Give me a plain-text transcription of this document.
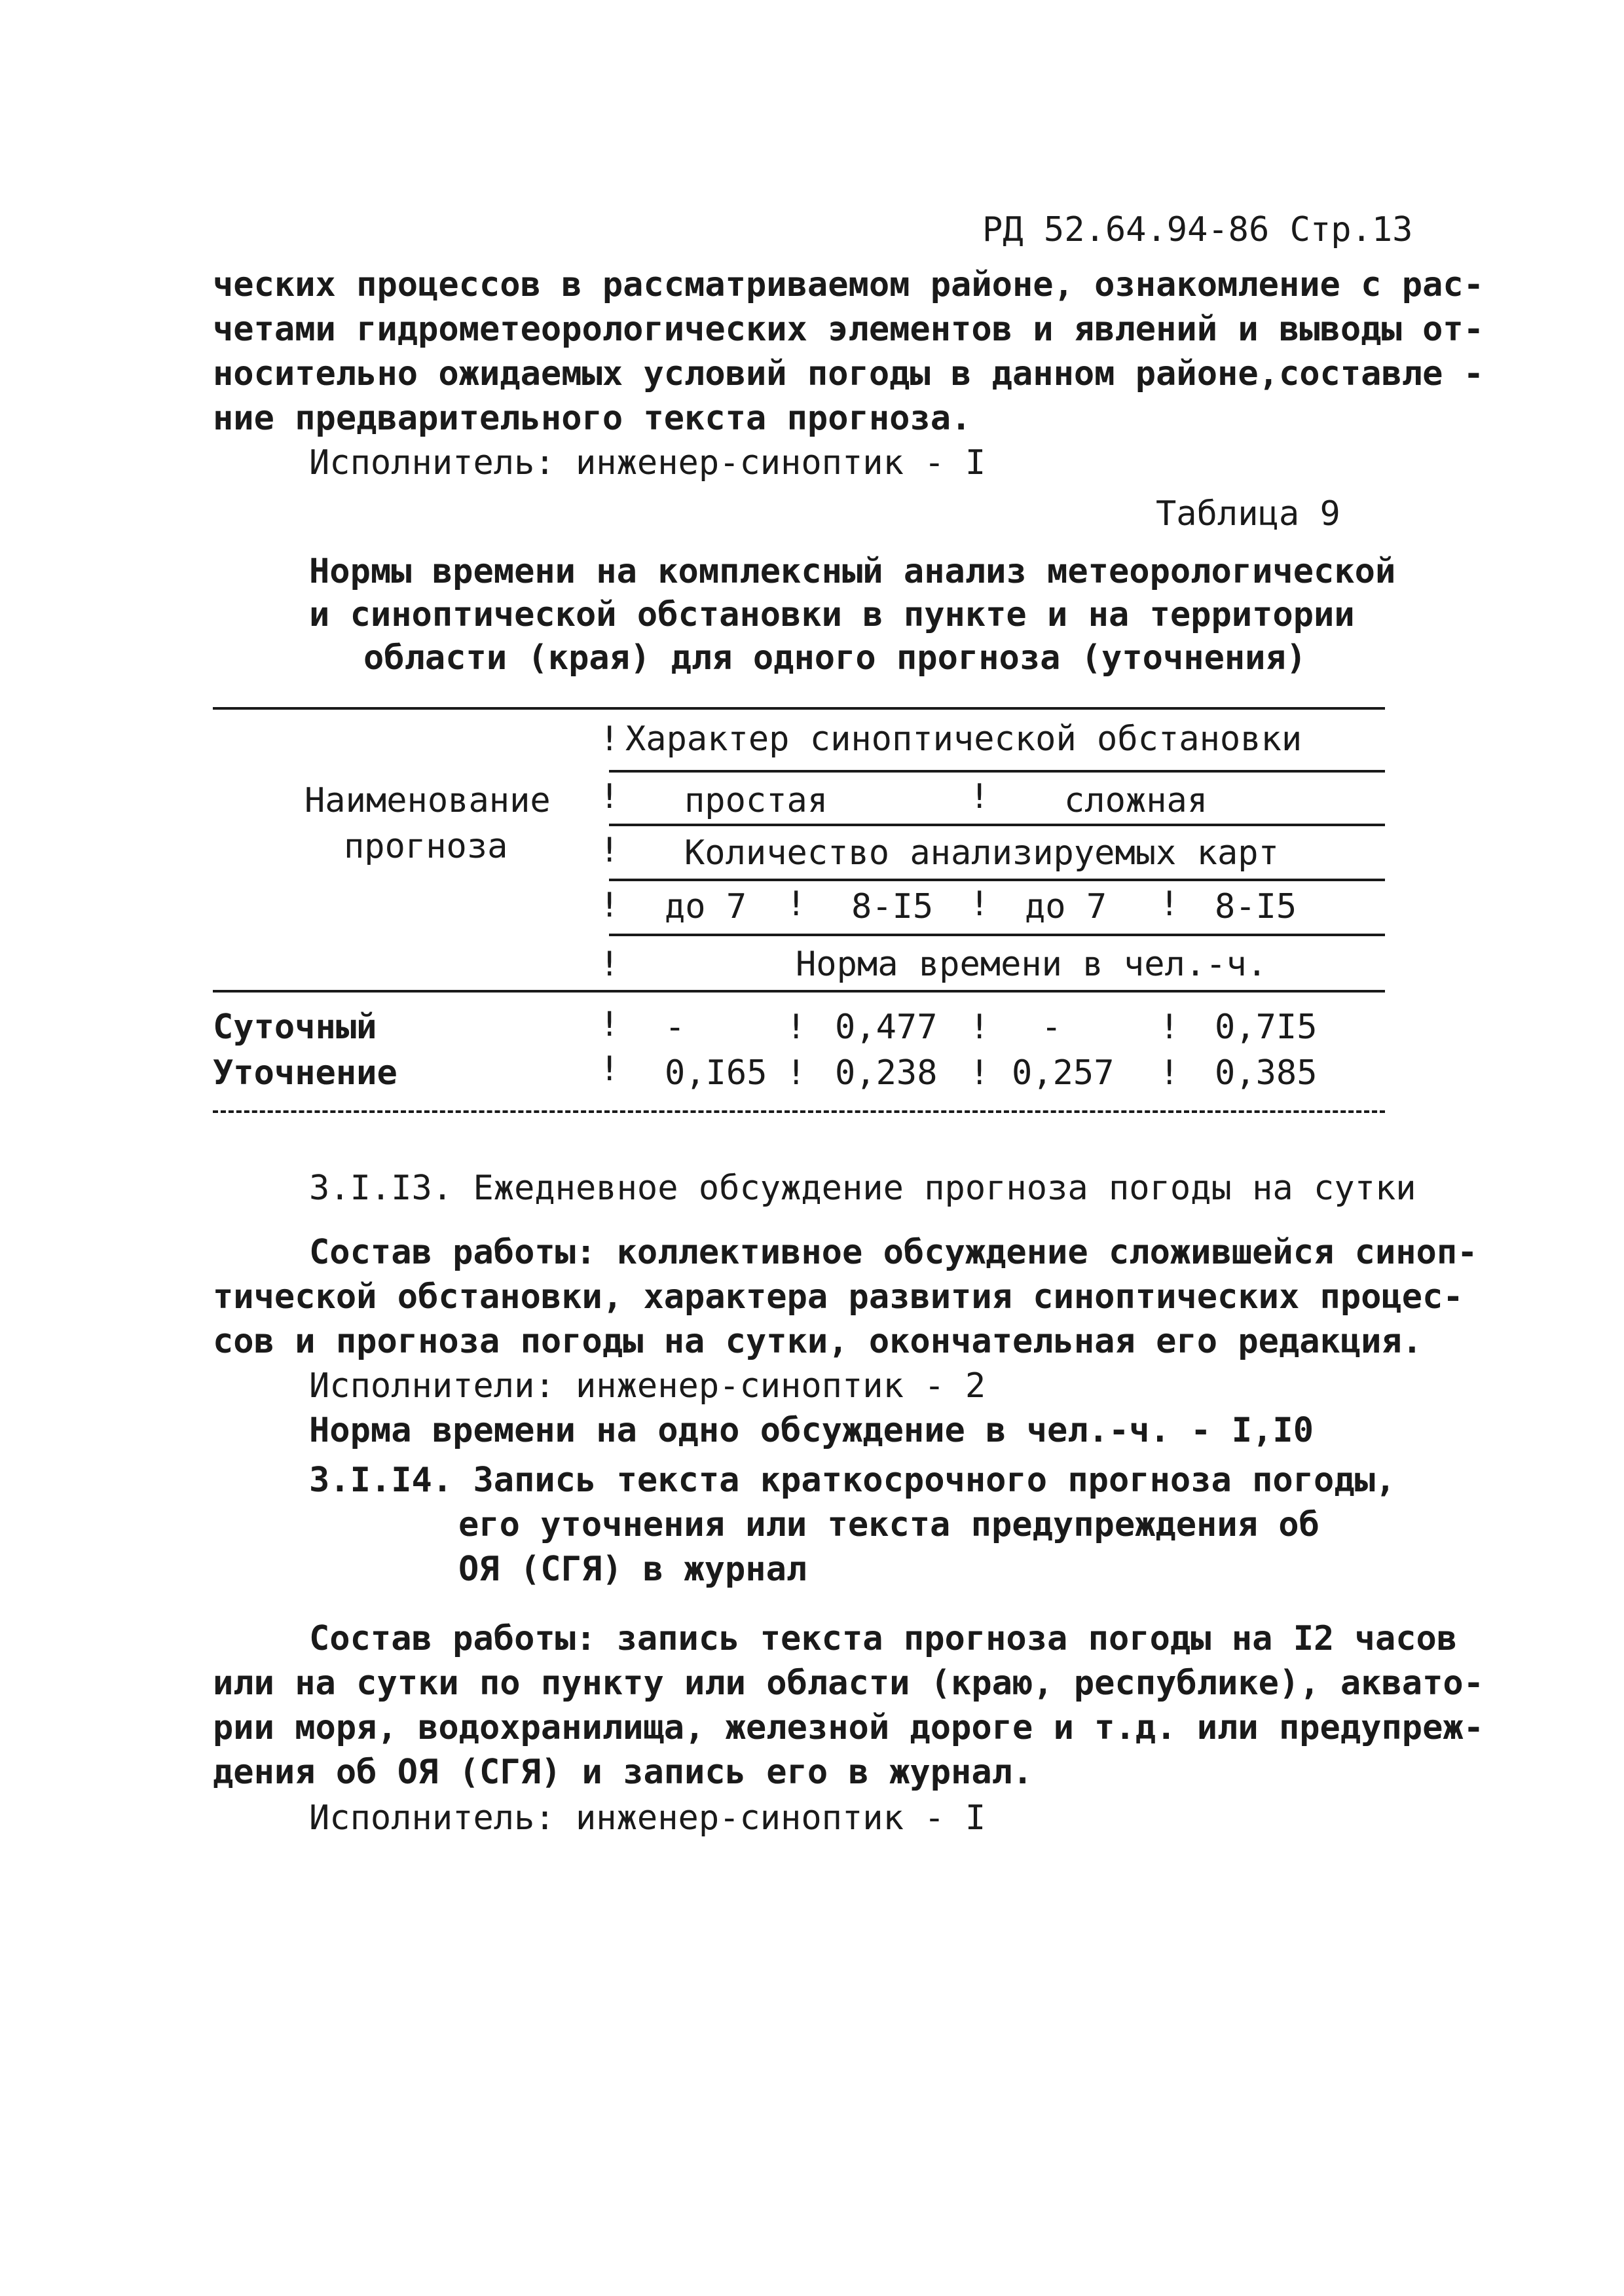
РД 52.64.94-86 Стр.13
ческих процессов в рассматриваемом районе, ознакомление с рас-
четами гидрометеорологических элементов и явлений и выводы от-
носительно ожидаемых условий погоды в данном районе,составле -
ние предварительного текста прогноза.
Исполнитель: инженер-синоптик - I
Таблица 9
Нормы времени на комплексный анализ метеорологической
и синоптической обстановки в пункте и на территории
области (края) для одного прогноза (уточнения)
! Характер синоптической обстановки
Наименование
прогноза
! простая	! сложная
! Количество анализируемых карт
! до 7 ! 8-I5 ! до 7 ! 8-I5
!	Норма времени в чел.-ч.
Суточный	! -	! 0,477 ! -	! 0,7I5
Уточнение	! 0,I65 ! 0,238 ! 0,257 ! 0,385
3.I.I3. Ежедневное обсуждение прогноза погоды на сутки
Состав работы: коллективное обсуждение сложившейся синоп-
тической обстановки, характера развития синоптических процес-
сов и прогноза погоды на сутки, окончательная его редакция.
Исполнители: инженер-синоптик - 2
Норма времени на одно обсуждение в чел.-ч. - I,I0
3.I.I4. Запись текста краткосрочного прогноза погоды,
его уточнения или текста предупреждения об
ОЯ (СГЯ) в журнал
Состав работы: запись текста прогноза погоды на I2 часов
или на сутки по пункту или области (краю, республике), аквато-
рии моря, водохранилища, железной дороге и т.д. или предупреж-
дения об ОЯ (СГЯ) и запись его в журнал.
Исполнитель: инженер-синоптик - I
